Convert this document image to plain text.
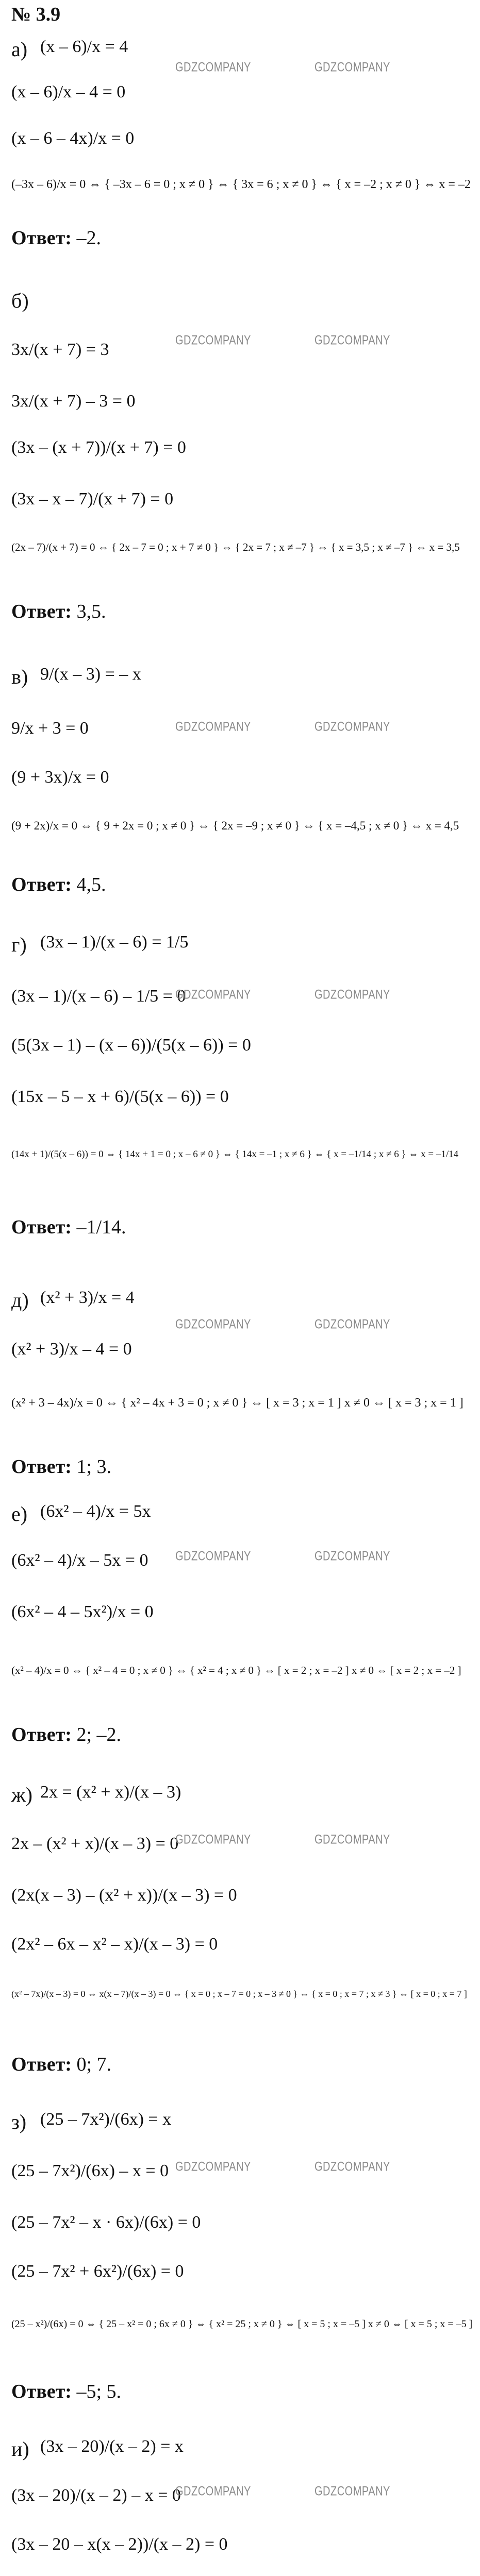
№ 3.9
а) (x – 6)/x = 4
(x – 6)/x – 4 = 0
(x – 6 – 4x)/x = 0
(–3x – 6)/x = 0 ⇔ { –3x – 6 = 0 ; x ≠ 0 } ⇔ { 3x = 6 ; x ≠ 0 } ⇔ { x = –2 ; x ≠ 0 } ⇔ x = –2
Ответ: –2.
б)
3x/(x + 7) = 3
3x/(x + 7) – 3 = 0
(3x – (x + 7))/(x + 7) = 0
(3x – x – 7)/(x + 7) = 0
(2x – 7)/(x + 7) = 0 ⇔ { 2x – 7 = 0 ; x + 7 ≠ 0 } ⇔ { 2x = 7 ; x ≠ –7 } ⇔ { x = 3,5 ; x ≠ –7 } ⇔ x = 3,5
Ответ: 3,5.
в) 9/(x – 3) = – x
9/x + 3 = 0
(9 + 3x)/x = 0
(9 + 2x)/x = 0 ⇔ { 9 + 2x = 0 ; x ≠ 0 } ⇔ { 2x = –9 ; x ≠ 0 } ⇔ { x = –4,5 ; x ≠ 0 } ⇔ x = 4,5
Ответ: 4,5.
г) (3x – 1)/(x – 6) = 1/5
(3x – 1)/(x – 6) – 1/5 = 0
(5(3x – 1) – (x – 6))/(5(x – 6)) = 0
(15x – 5 – x + 6)/(5(x – 6)) = 0
(14x + 1)/(5(x – 6)) = 0 ⇔ { 14x + 1 = 0 ; x – 6 ≠ 0 } ⇔ { 14x = –1 ; x ≠ 6 } ⇔ { x = –1/14 ; x ≠ 6 } ⇔ x = –1/14
Ответ: –1/14.
д) (x² + 3)/x = 4
(x² + 3)/x – 4 = 0
(x² + 3 – 4x)/x = 0 ⇔ { x² – 4x + 3 = 0 ; x ≠ 0 } ⇔ [ x = 3 ; x = 1 ] x ≠ 0 ⇔ [ x = 3 ; x = 1 ]
Ответ: 1; 3.
е) (6x² – 4)/x = 5x
(6x² – 4)/x – 5x = 0
(6x² – 4 – 5x²)/x = 0
(x² – 4)/x = 0 ⇔ { x² – 4 = 0 ; x ≠ 0 } ⇔ { x² = 4 ; x ≠ 0 } ⇔ [ x = 2 ; x = –2 ] x ≠ 0 ⇔ [ x = 2 ; x = –2 ]
Ответ: 2; –2.
ж) 2x = (x² + x)/(x – 3)
2x – (x² + x)/(x – 3) = 0
(2x(x – 3) – (x² + x))/(x – 3) = 0
(2x² – 6x – x² – x)/(x – 3) = 0
(x² – 7x)/(x – 3) = 0 ⇔ x(x – 7)/(x – 3) = 0 ⇔ { x = 0 ; x – 7 = 0 ; x – 3 ≠ 0 } ⇔ { x = 0 ; x = 7 ; x ≠ 3 } ⇔ [ x = 0 ; x = 7 ]
Ответ: 0; 7.
з) (25 – 7x²)/(6x) = x
(25 – 7x²)/(6x) – x = 0
(25 – 7x² – x · 6x)/(6x) = 0
(25 – 7x² + 6x²)/(6x) = 0
(25 – x²)/(6x) = 0 ⇔ { 25 – x² = 0 ; 6x ≠ 0 } ⇔ { x² = 25 ; x ≠ 0 } ⇔ [ x = 5 ; x = –5 ] x ≠ 0 ⇔ [ x = 5 ; x = –5 ]
Ответ: –5; 5.
и) (3x – 20)/(x – 2) = x
(3x – 20)/(x – 2) – x = 0
(3x – 20 – x(x – 2))/(x – 2) = 0
GDZCOMPANY	GDZCOMPANY
GDZCOMPANY	GDZCOMPANY
GDZCOMPANY	GDZCOMPANY
GDZCOMPANY	GDZCOMPANY
GDZCOMPANY	GDZCOMPANY
GDZCOMPANY	GDZCOMPANY
GDZCOMPANY	GDZCOMPANY
GDZCOMPANY	GDZCOMPANY
GDZCOMPANY	GDZCOMPANY
